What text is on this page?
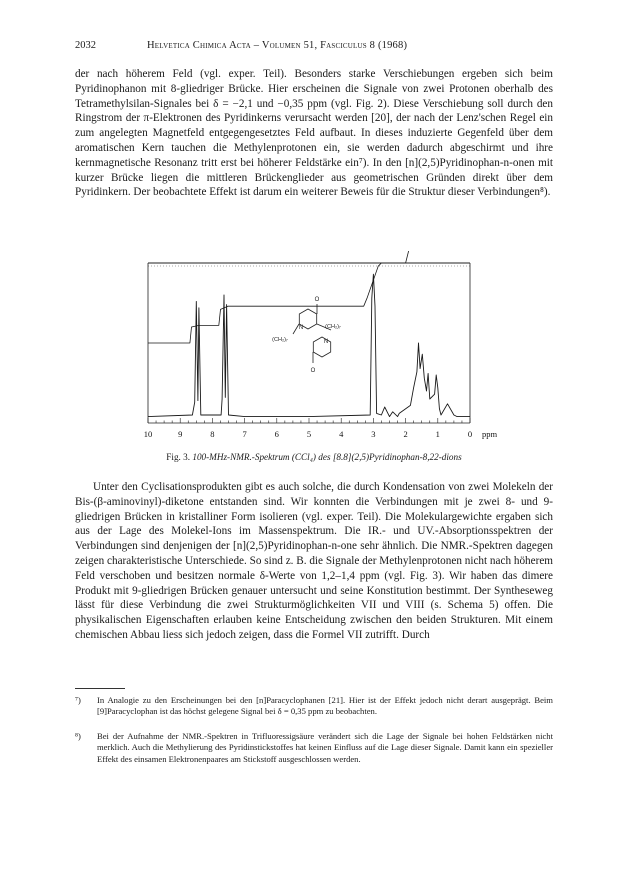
2032	Helvetica Chimica Acta – Volumen 51, Fasciculus 8 (1968)

der nach höherem Feld (vgl. exper. Teil). Besonders starke Verschiebungen ergeben sich beim Pyridinophanon mit 8-gliedriger Brücke. Hier erscheinen die Signale von zwei Protonen oberhalb des Tetramethylsilan-Signales bei δ = −2,1 und −0,35 ppm (vgl. Fig. 2). Diese Verschiebung soll durch den Ringstrom der π-Elektronen des Pyridinkerns verursacht werden [20], der nach der Lenz'schen Regel ein zum angelegten Magnetfeld entgegengesetztes Feld aufbaut. In dieses induzierte Gegenfeld über dem aromatischen Kern tauchen die Methylenprotonen ein, sie werden dadurch abgeschirmt und ihre kernmagnetische Resonanz tritt erst bei höherer Feldstärke ein⁷). In den [n](2,5)Pyridinophan-n-onen mit kurzer Brücke liegen die mittleren Brückenglieder aus geometrischen Gründen direkt über dem Pyridinkern. Der beobachtete Effekt ist darum ein weiterer Beweis für die Struktur dieser Verbindungen⁸).

O
N
(CH₂)₇
(CH₂)₇
N
O
10	9	8	7	6	5	4	3	2	1	0 ppm
Fig. 3. 100-MHz-NMR.-Spektrum (CCl₄) des [8.8](2,5)Pyridinophan-8,22-dions

Unter den Cyclisationsprodukten gibt es auch solche, die durch Kondensation von zwei Molekeln der Bis-(β-aminovinyl)-diketone entstanden sind. Wir konnten die Verbindungen mit je zwei 8- und 9-gliedrigen Brücken in kristalliner Form isolieren (vgl. exper. Teil). Die Molekulargewichte ergaben sich aus der Lage des Molekel-Ions im Massenspektrum. Die IR.- und UV.-Absorptionsspektren der Verbindungen sind denjenigen der [n](2,5)Pyridinophan-n-one sehr ähnlich. Die NMR.-Spektren dagegen zeigen charakteristische Unterschiede. So sind z. B. die Signale der Methylenprotonen nicht nach höherem Feld verschoben und besitzen normale δ-Werte von 1,2–1,4 ppm (vgl. Fig. 3). Wir haben das dimere Produkt mit 9-gliedrigen Brücken genauer untersucht und seine Konstitution bestimmt. Der Syntheseweg lässt für diese Verbindung die zwei Strukturmöglichkeiten VII und VIII (s. Schema 5) offen. Die physikalischen Eigenschaften erlauben keine Entscheidung zwischen den beiden Strukturen. Mit einem chemischen Abbau liess sich jedoch zeigen, dass die Formel VII zutrifft. Durch

⁷) In Analogie zu den Erscheinungen bei den [n]Paracyclophanen [21]. Hier ist der Effekt jedoch nicht derart ausgeprägt. Beim [9]Paracyclophan ist das höchst gelegene Signal bei δ = 0,35 ppm zu beobachten.
⁸) Bei der Aufnahme der NMR.-Spektren in Trifluoressigsäure verändert sich die Lage der Signale bei hohen Feldstärken nicht merklich. Auch die Methylierung des Pyridinstickstoffes hat keinen Einfluss auf die Lage dieser Signale. Damit kann ein spezieller Effekt des einsamen Elektronenpaares am Stickstoff ausgeschlossen werden.
